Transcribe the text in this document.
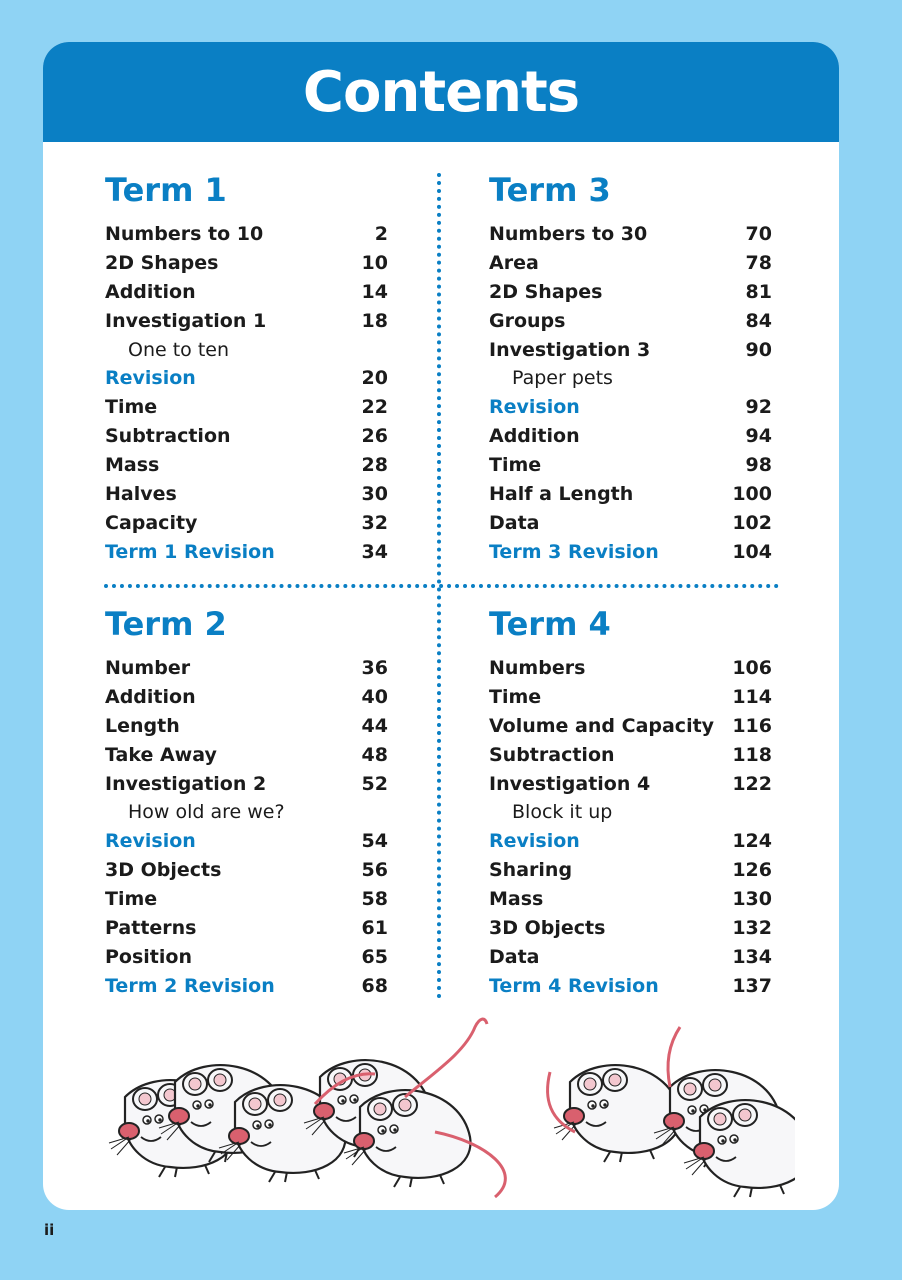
Contents
Term 1
Numbers to 10	2
2D Shapes	10
Addition	14
Investigation 1	18
One to ten
Revision	20
Time	22
Subtraction	26
Mass	28
Halves	30
Capacity	32
Term 1 Revision	34
Term 3
Numbers to 30	70
Area	78
2D Shapes	81
Groups	84
Investigation 3	90
Paper pets
Revision	92
Addition	94
Time	98
Half a Length	100
Data	102
Term 3 Revision	104
Term 2
Number	36
Addition	40
Length	44
Take Away	48
Investigation 2	52
How old are we?
Revision	54
3D Objects	56
Time	58
Patterns	61
Position	65
Term 2 Revision	68
Term 4
Numbers	106
Time	114
Volume and Capacity 116
Subtraction	118
Investigation 4	122
Block it up
Revision	124
Sharing	126
Mass	130
3D Objects	132
Data	134
Term 4 Revision	137
ii
